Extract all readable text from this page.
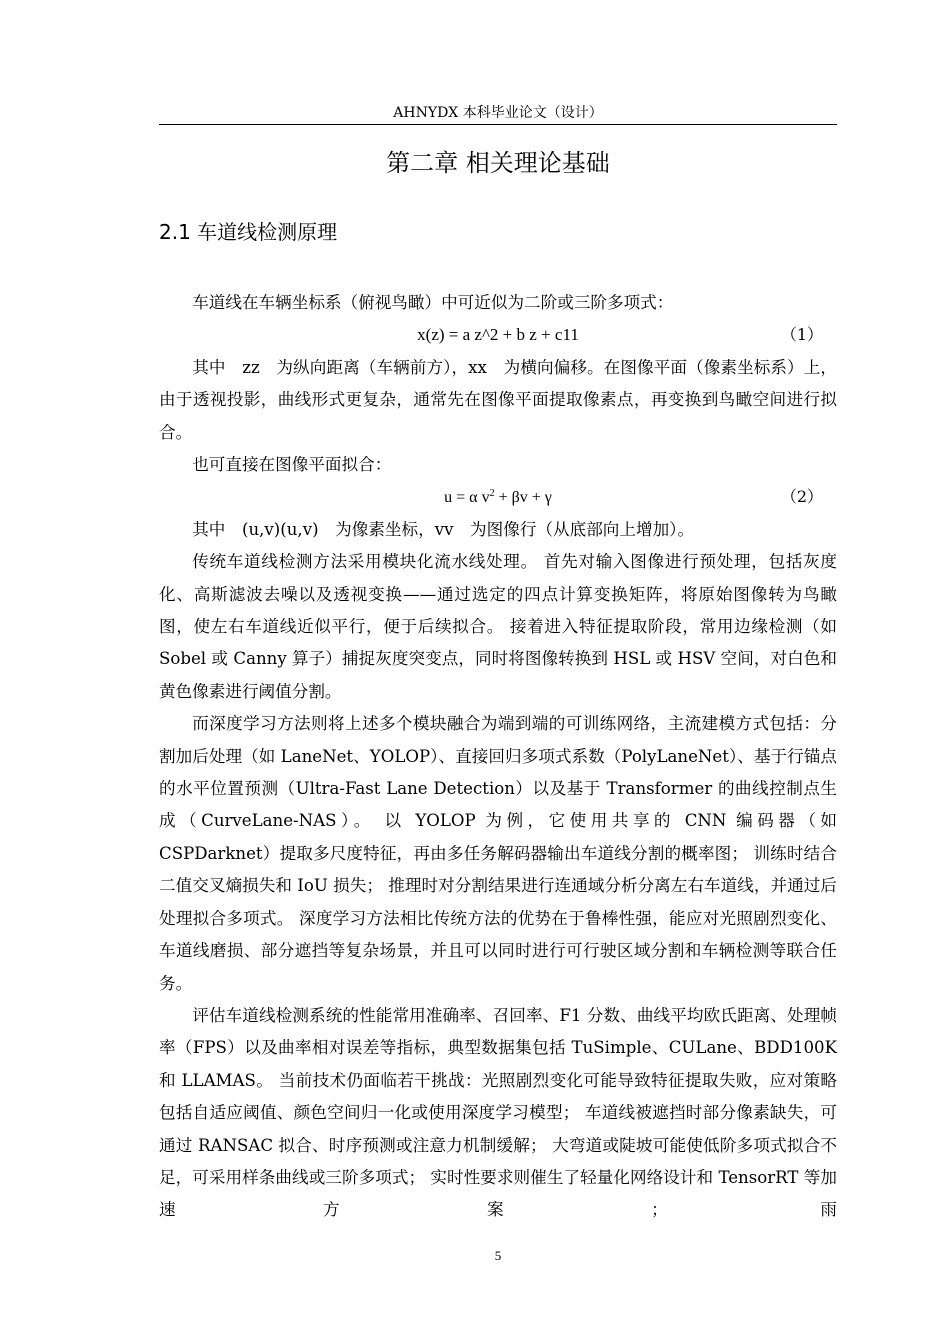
AHNYDX 本科毕业论文（设计）
第二章 相关理论基础
2.1 车道线检测原理

车道线在车辆坐标系（俯视鸟瞰）中可近似为二阶或三阶多项式：

x(z) = a z^2 + b z + c11	（1）

其中　zz　为纵向距离（车辆前方），xx　为横向偏移。在图像平面（像素坐标系）上，由于透视投影，曲线形式更复杂，通常先在图像平面提取像素点，再变换到鸟瞰空间进行拟合。

也可直接在图像平面拟合：

u = α $v^2 + \beta v + \gamma$	（2）

其中　(u,v)(u,v)　为像素坐标，vv　为图像行（从底部向上增加）。

传统车道线检测方法采用模块化流水线处理。 首先对输入图像进行预处理，包括灰度化、高斯滤波去噪以及透视变换——通过选定的四点计算变换矩阵，将原始图像转为鸟瞰图，使左右车道线近似平行，便于后续拟合。 接着进入特征提取阶段，常用边缘检测（如 Sobel 或 Canny 算子）捕捉灰度突变点，同时将图像转换到 HSL 或 HSV 空间，对白色和黄色像素进行阈值分割。

而深度学习方法则将上述多个模块融合为端到端的可训练网络，主流建模方式包括：分割加后处理（如 LaneNet、YOLOP）、直接回归多项式系数（PolyLaneNet）、基于行锚点的水平位置预测（Ultra-Fast Lane Detection）以及基于 Transformer 的曲线控制点生成（CurveLane-NAS）。 以 YOLOP 为例，它使用共享的 CNN 编码器（如 CSPDarknet）提取多尺度特征，再由多任务解码器输出车道线分割的概率图； 训练时结合二值交叉熵损失和 IoU 损失； 推理时对分割结果进行连通域分析分离左右车道线，并通过后处理拟合多项式。 深度学习方法相比传统方法的优势在于鲁棒性强，能应对光照剧烈变化、车道线磨损、部分遮挡等复杂场景，并且可以同时进行可行驶区域分割和车辆检测等联合任务。

评估车道线检测系统的性能常用准确率、召回率、F1 分数、曲线平均欧氏距离、处理帧率（FPS）以及曲率相对误差等指标，典型数据集包括 TuSimple、CULane、BDD100K 和 LLAMAS。 当前技术仍面临若干挑战：光照剧烈变化可能导致特征提取失败，应对策略包括自适应阈值、颜色空间归一化或使用深度学习模型； 车道线被遮挡时部分像素缺失，可通过 RANSAC 拟合、时序预测或注意力机制缓解； 大弯道或陡坡可能使低阶多项式拟合不足，可采用样条曲线或三阶多项式； 实时性要求则催生了轻量化网络设计和 TensorRT 等加速方案； 雨

5
